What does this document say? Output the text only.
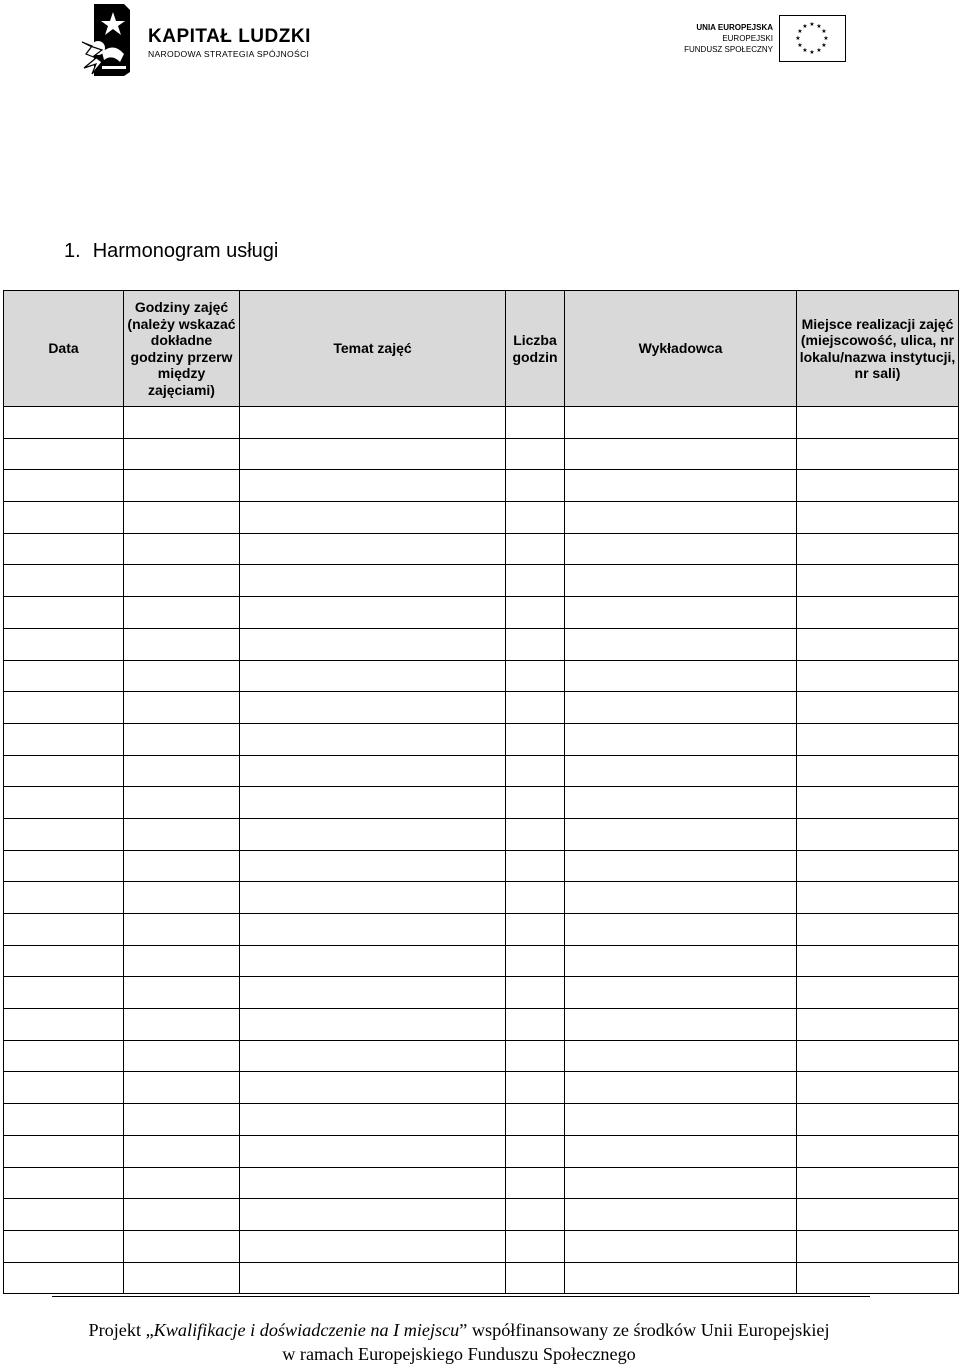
KAPITAŁ LUDZKI
NARODOWA STRATEGIA SPÓJNOŚCI
UNIA EUROPEJSKA
EUROPEJSKI
FUNDUSZ SPOŁECZNY
★ ★
★
★
★
★
★
★
★
★
★
★
1. Harmonogram usługi
Data	Godziny zajęć (należy wskazać dokładne godziny przerw między zajęciami)	Temat zajęć	Liczba godzin	Wykładowca	Miejsce realizacji zajęć (miejscowość, ulica, nr lokalu/nazwa instytucji, nr sali)

Projekt „Kwalifikacje i doświadczenie na I miejscu” współfinansowany ze środków Unii Europejskiej
w ramach Europejskiego Funduszu Społecznego
